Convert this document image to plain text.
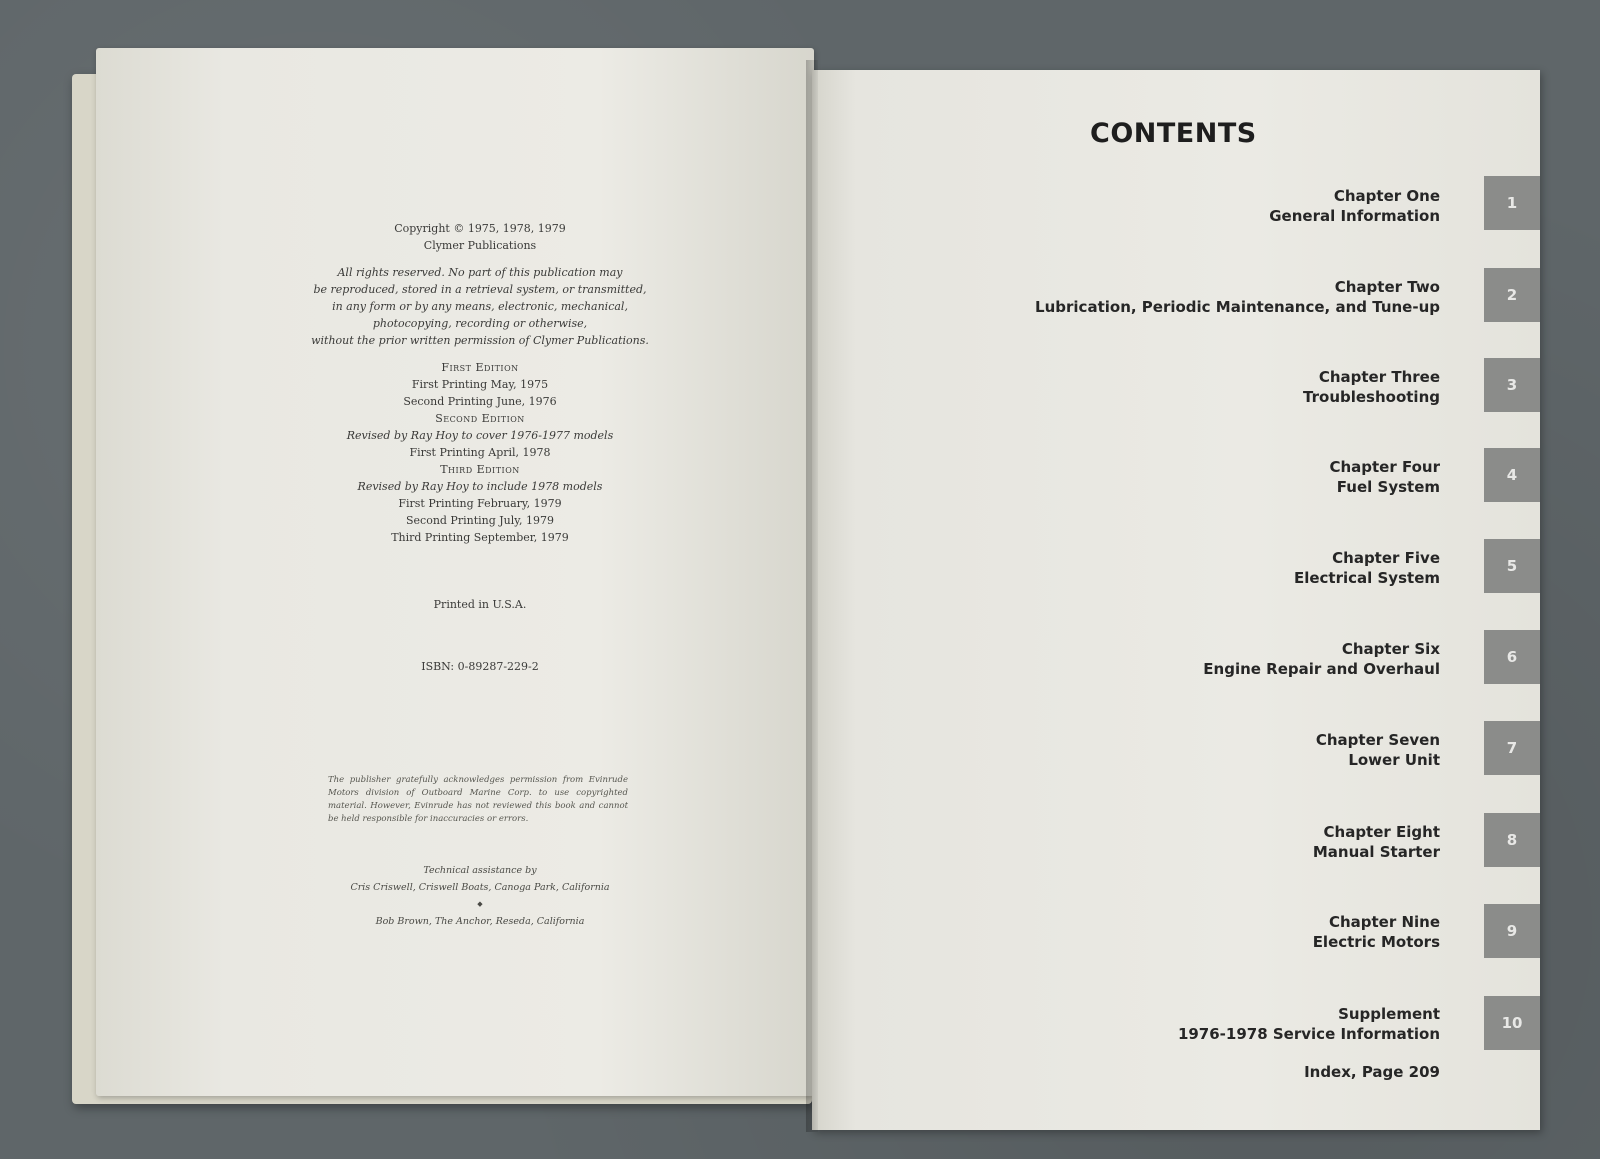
Copyright © 1975, 1978, 1979
Clymer Publications
All rights reserved. No part of this publication may
be reproduced, stored in a retrieval system, or transmitted,
in any form or by any means, electronic, mechanical,
photocopying, recording or otherwise,
without the prior written permission of Clymer Publications.
First Edition
First Printing May, 1975
Second Printing June, 1976
Second Edition
Revised by Ray Hoy to cover 1976-1977 models
First Printing April, 1978
Third Edition
Revised by Ray Hoy to include 1978 models
First Printing February, 1979
Second Printing July, 1979
Third Printing September, 1979
Printed in U.S.A.
ISBN: 0-89287-229-2
The publisher gratefully acknowledges permission from Evinrude Motors division of Outboard Marine Corp. to use copyrighted material. However, Evinrude has not reviewed this book and cannot be held responsible for inaccuracies or errors.
Technical assistance by
Cris Criswell, Criswell Boats, Canoga Park, California
◆
Bob Brown, The Anchor, Reseda, California
CONTENTS
Chapter One
General Information
1
Chapter Two
Lubrication, Periodic Maintenance, and Tune-up
2
Chapter Three
Troubleshooting
3
Chapter Four
Fuel System
4
Chapter Five
Electrical System
5
Chapter Six
Engine Repair and Overhaul
6
Chapter Seven
Lower Unit
7
Chapter Eight
Manual Starter
8
Chapter Nine
Electric Motors
9
Supplement
1976-1978 Service Information
10
Index, Page 209
